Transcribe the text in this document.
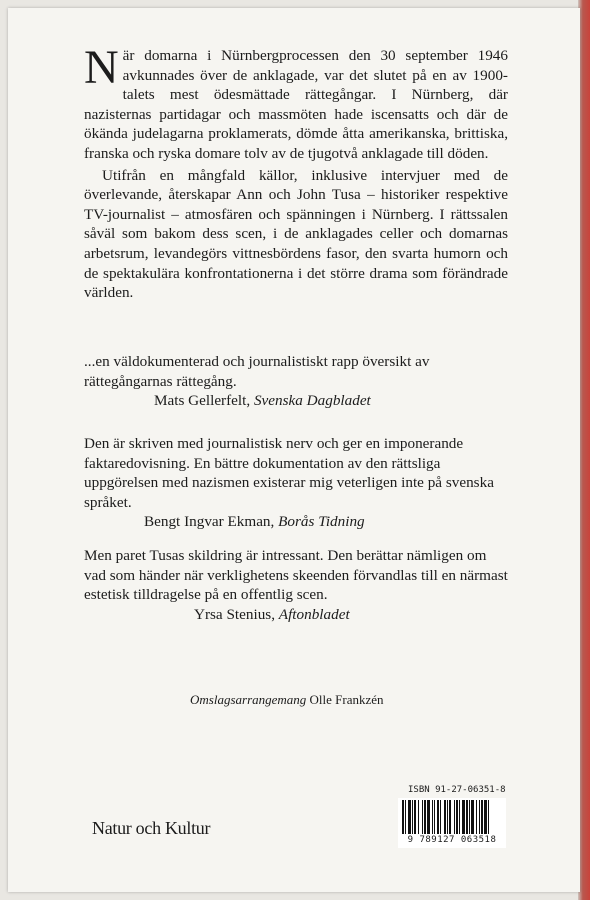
När domarna i Nürnbergprocessen den 30 september 1946 avkunnades över de anklagade, var det slutet på en av 1900-talets mest ödesmättade rättegångar. I Nürnberg, där nazisternas partidagar och massmöten hade iscensatts och där de ökända judelagarna proklamerats, dömde åtta amerikanska, brittiska, franska och ryska domare tolv av de tjugotvå anklagade till döden.

Utifrån en mångfald källor, inklusive intervjuer med de överlevande, återskapar Ann och John Tusa – historiker respektive TV-journalist – atmosfären och spänningen i Nürnberg. I rättssalen såväl som bakom dess scen, i de anklagades celler och domarnas arbetsrum, levandegörs vittnesbördens fasor, den svarta humorn och de spektakulära konfrontationerna i det större drama som förändrade världen.

...en väldokumenterad och journalistiskt rapp översikt av rättegångarnas rättegång.

Mats Gellerfelt, Svenska Dagbladet

Den är skriven med journalistisk nerv och ger en imponerande faktaredovisning. En bättre dokumentation av den rättsliga uppgörelsen med nazismen existerar mig veterligen inte på svenska språket.

Bengt Ingvar Ekman, Borås Tidning

Men paret Tusas skildring är intressant. Den berättar nämligen om vad som händer när verklighetens skeenden förvandlas till en närmast estetisk tilldragelse på en offentlig scen.

Yrsa Stenius, Aftonbladet

Omslagsarrangemang Olle Frankzén
Natur och Kultur
ISBN 91-27-06351-8
9 789127 063518
